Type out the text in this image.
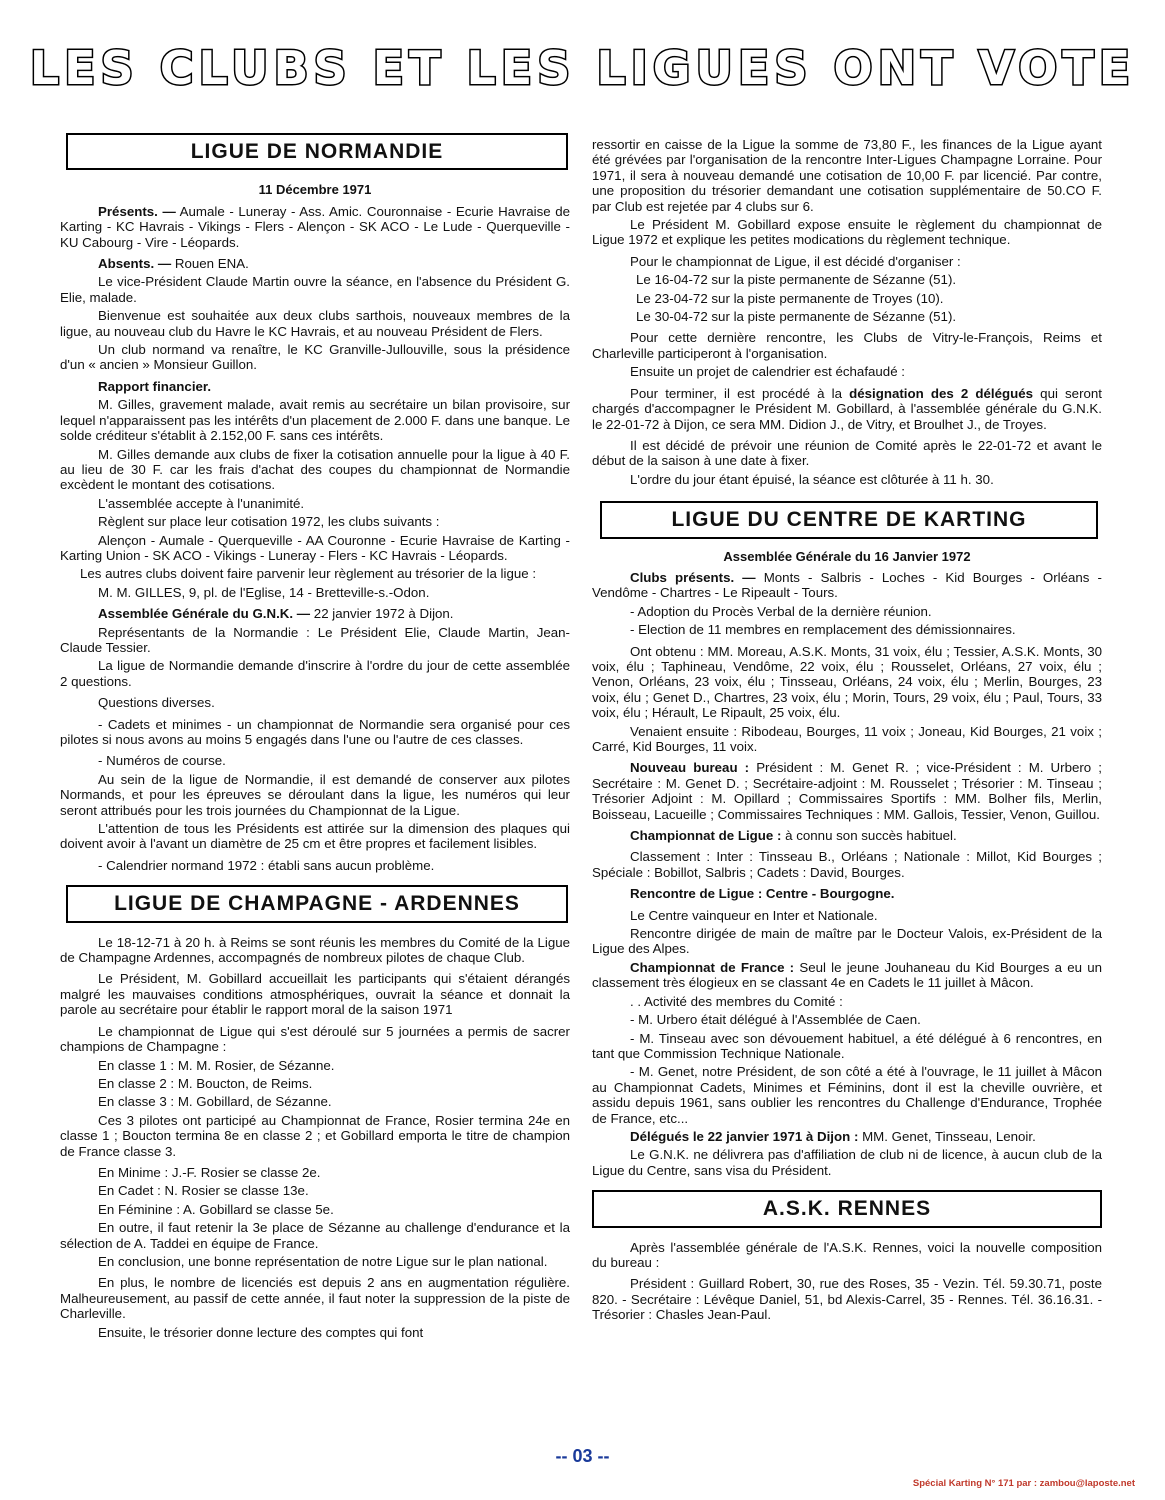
LES CLUBS ET LES LIGUES ONT VOTE
LIGUE DE NORMANDIE
11 Décembre 1971

Présents. — Aumale - Luneray - Ass. Amic. Couronnaise - Ecurie Havraise de Karting - KC Havrais - Vikings - Flers - Alençon - SK ACO - Le Lude - Querqueville - KU Cabourg - Vire - Léopards.

Absents. — Rouen ENA.

Le vice-Président Claude Martin ouvre la séance, en l'absence du Président G. Elie, malade.

Bienvenue est souhaitée aux deux clubs sarthois, nouveaux membres de la ligue, au nouveau club du Havre le KC Havrais, et au nouveau Président de Flers.

Un club normand va renaître, le KC Granville-Jullouville, sous la présidence d'un « ancien » Monsieur Guillon.

Rapport financier.

M. Gilles, gravement malade, avait remis au secrétaire un bilan provisoire, sur lequel n'apparaissent pas les intérêts d'un placement de 2.000 F. dans une banque. Le solde créditeur s'établit à 2.152,00 F. sans ces intérêts.

M. Gilles demande aux clubs de fixer la cotisation annuelle pour la ligue à 40 F. au lieu de 30 F. car les frais d'achat des coupes du championnat de Normandie excèdent le montant des cotisations.

L'assemblée accepte à l'unanimité.

Règlent sur place leur cotisation 1972, les clubs suivants :

Alençon - Aumale - Querqueville - AA Couronne - Ecurie Havraise de Karting - Karting Union - SK ACO - Vikings - Luneray - Flers - KC Havrais - Léopards.

Les autres clubs doivent faire parvenir leur règlement au trésorier de la ligue :

M. M. GILLES, 9, pl. de l'Eglise, 14 - Bretteville-s.-Odon.

Assemblée Générale du G.N.K. — 22 janvier 1972 à Dijon.

Représentants de la Normandie : Le Président Elie, Claude Martin, Jean-Claude Tessier.

La ligue de Normandie demande d'inscrire à l'ordre du jour de cette assemblée 2 questions.

Questions diverses.

- Cadets et minimes - un championnat de Normandie sera organisé pour ces pilotes si nous avons au moins 5 engagés dans l'une ou l'autre de ces classes.

- Numéros de course.

Au sein de la ligue de Normandie, il est demandé de conserver aux pilotes Normands, et pour les épreuves se déroulant dans la ligue, les numéros qui leur seront attribués pour les trois journées du Championnat de la Ligue.

L'attention de tous les Présidents est attirée sur la dimension des plaques qui doivent avoir à l'avant un diamètre de 25 cm et être propres et facilement lisibles.

- Calendrier normand 1972 : établi sans aucun problème.

LIGUE DE CHAMPAGNE - ARDENNES

Le 18-12-71 à 20 h. à Reims se sont réunis les membres du Comité de la Ligue de Champagne Ardennes, accompagnés de nombreux pilotes de chaque Club.

Le Président, M. Gobillard accueillait les participants qui s'étaient dérangés malgré les mauvaises conditions atmosphériques, ouvrait la séance et donnait la parole au secrétaire pour établir le rapport moral de la saison 1971

Le championnat de Ligue qui s'est déroulé sur 5 journées a permis de sacrer champions de Champagne :

En classe 1 : M. M. Rosier, de Sézanne.

En classe 2 : M. Boucton, de Reims.

En classe 3 : M. Gobillard, de Sézanne.

Ces 3 pilotes ont participé au Championnat de France, Rosier termina 24e en classe 1 ; Boucton termina 8e en classe 2 ; et Gobillard emporta le titre de champion de France classe 3.

En Minime : J.-F. Rosier se classe 2e.

En Cadet : N. Rosier se classe 13e.

En Féminine : A. Gobillard se classe 5e.

En outre, il faut retenir la 3e place de Sézanne au challenge d'endurance et la sélection de A. Taddei en équipe de France.

En conclusion, une bonne représentation de notre Ligue sur le plan national.

En plus, le nombre de licenciés est depuis 2 ans en augmentation régulière. Malheureusement, au passif de cette année, il faut noter la suppression de la piste de Charleville.

Ensuite, le trésorier donne lecture des comptes qui font

ressortir en caisse de la Ligue la somme de 73,80 F., les finances de la Ligue ayant été grévées par l'organisation de la rencontre Inter-Ligues Champagne Lorraine. Pour 1971, il sera à nouveau demandé une cotisation de 10,00 F. par licencié. Par contre, une proposition du trésorier demandant une cotisation supplémentaire de 50.CO F. par Club est rejetée par 4 clubs sur 6.

Le Président M. Gobillard expose ensuite le règlement du championnat de Ligue 1972 et explique les petites modications du règlement technique.

Pour le championnat de Ligue, il est décidé d'organiser :

Le 16-04-72 sur la piste permanente de Sézanne (51).

Le 23-04-72 sur la piste permanente de Troyes (10).

Le 30-04-72 sur la piste permanente de Sézanne (51).

Pour cette dernière rencontre, les Clubs de Vitry-le-François, Reims et Charleville participeront à l'organisation.

Ensuite un projet de calendrier est échafaudé :

Pour terminer, il est procédé à la désignation des 2 délégués qui seront chargés d'accompagner le Président M. Gobillard, à l'assemblée générale du G.N.K. le 22-01-72 à Dijon, ce sera MM. Didion J., de Vitry, et Broulhet J., de Troyes.

Il est décidé de prévoir une réunion de Comité après le 22-01-72 et avant le début de la saison à une date à fixer.

L'ordre du jour étant épuisé, la séance est clôturée à 11 h. 30.

LIGUE DU CENTRE DE KARTING
Assemblée Générale du 16 Janvier 1972

Clubs présents. — Monts - Salbris - Loches - Kid Bourges - Orléans - Vendôme - Chartres - Le Ripeault - Tours.

- Adoption du Procès Verbal de la dernière réunion.

- Election de 11 membres en remplacement des démissionnaires.

Ont obtenu : MM. Moreau, A.S.K. Monts, 31 voix, élu ; Tessier, A.S.K. Monts, 30 voix, élu ; Taphineau, Vendôme, 22 voix, élu ; Rousselet, Orléans, 27 voix, élu ; Venon, Orléans, 23 voix, élu ; Tinsseau, Orléans, 24 voix, élu ; Merlin, Bourges, 23 voix, élu ; Genet D., Chartres, 23 voix, élu ; Morin, Tours, 29 voix, élu ; Paul, Tours, 33 voix, élu ; Hérault, Le Ripault, 25 voix, élu.

Venaient ensuite : Ribodeau, Bourges, 11 voix ; Joneau, Kid Bourges, 21 voix ; Carré, Kid Bourges, 11 voix.

Nouveau bureau : Président : M. Genet R. ; vice-Président : M. Urbero ; Secrétaire : M. Genet D. ; Secrétaire-adjoint : M. Rousselet ; Trésorier : M. Tinseau ; Trésorier Adjoint : M. Opillard ; Commissaires Sportifs : MM. Bolher fils, Merlin, Boisseau, Lacueille ; Commissaires Techniques : MM. Gallois, Tessier, Venon, Guillou.

Championnat de Ligue : à connu son succès habituel.

Classement : Inter : Tinsseau B., Orléans ; Nationale : Millot, Kid Bourges ; Spéciale : Bobillot, Salbris ; Cadets : David, Bourges.

Rencontre de Ligue : Centre - Bourgogne.

Le Centre vainqueur en Inter et Nationale.

Rencontre dirigée de main de maître par le Docteur Valois, ex-Président de la Ligue des Alpes.

Championnat de France : Seul le jeune Jouhaneau du Kid Bourges a eu un classement très élogieux en se classant 4e en Cadets le 11 juillet à Mâcon.

. . Activité des membres du Comité :

- M. Urbero était délégué à l'Assemblée de Caen.

- M. Tinseau avec son dévouement habituel, a été délégué à 6 rencontres, en tant que Commission Technique Nationale.

- M. Genet, notre Président, de son côté a été à l'ouvrage, le 11 juillet à Mâcon au Championnat Cadets, Minimes et Féminins, dont il est la cheville ouvrière, et assidu depuis 1961, sans oublier les rencontres du Challenge d'Endurance, Trophée de France, etc...

Délégués le 22 janvier 1971 à Dijon : MM. Genet, Tinsseau, Lenoir.

Le G.N.K. ne délivrera pas d'affiliation de club ni de licence, à aucun club de la Ligue du Centre, sans visa du Président.

A.S.K. RENNES

Après l'assemblée générale de l'A.S.K. Rennes, voici la nouvelle composition du bureau :

Président : Guillard Robert, 30, rue des Roses, 35 - Vezin. Tél. 59.30.71, poste 820. - Secrétaire : Lévêque Daniel, 51, bd Alexis-Carrel, 35 - Rennes. Tél. 36.16.31. - Trésorier : Chasles Jean-Paul.

-- 03 --
Spécial Karting N° 171 par : zambou@laposte.net
